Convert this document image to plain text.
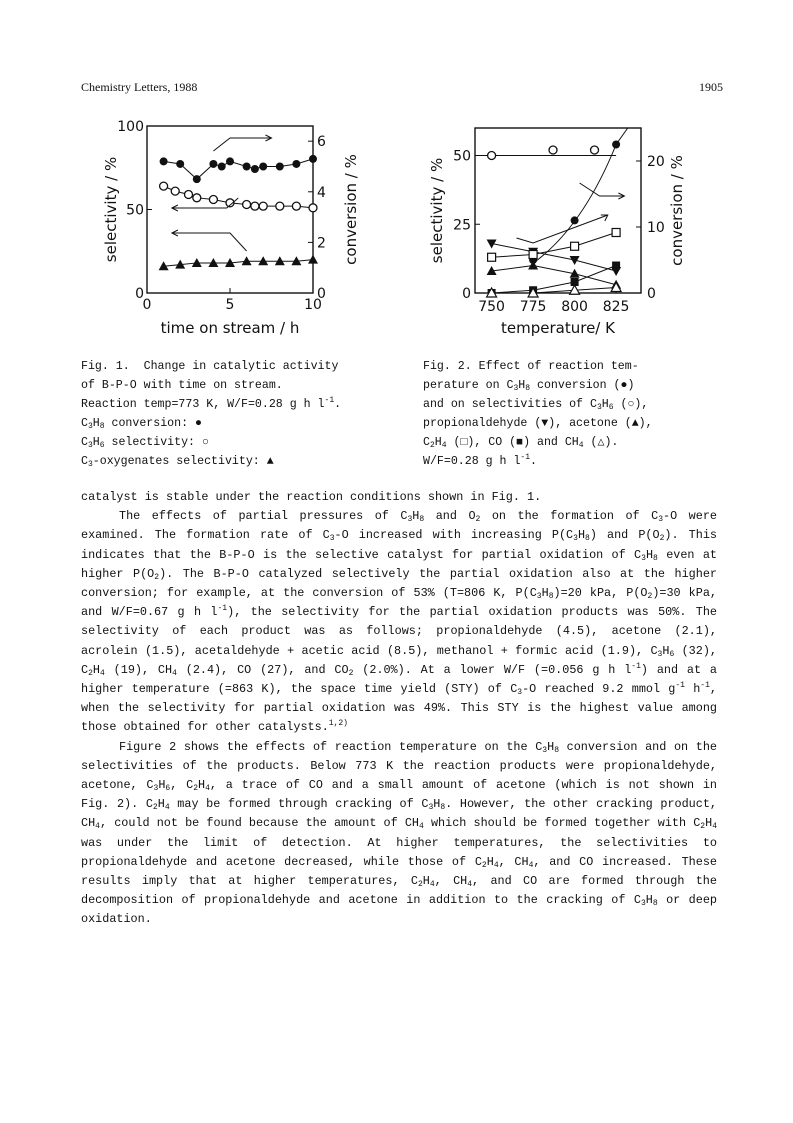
Chemistry Letters, 1988	1905
0
50
100
0
2
4
6
0	5	10
time on stream / h
selectivity / %	conversion / %
0
25
50
0
10
20
750 775 800 825
temperature/ K
selectivity / %	conversion / %
Fig. 1.  Change in catalytic activity
of B-P-O with time on stream.
Reaction temp=773 K, W/F=0.28 g h $l^{-1}$.
$C_3H_8$ conversion: ●
$C_3H_6$ selectivity: ○
$C_3$-oxygenates selectivity: ▲
Fig. 2. Effect of reaction tem-
perature on $C_3H_8$ conversion (●)
and on selectivities of $C_3H_6$ (○),
propionaldehyde (▼), acetone (▲),
$C_2H_4$ (□), CO (■) and $CH_4$ (△).
W/F=0.28 g h $l^{-1}$.

catalyst is stable under the reaction conditions shown in Fig. 1.

The effects of partial pressures of $C_3H_8$ and $O_2$ on the formation of $C_3-O$ were examined. The formation rate of $C_3-O$ increased with increasing $P(C_3H_8)$ and $P(O_2)$. This indicates that the B-P-O is the selective catalyst for partial oxidation of $C_3H_8$ even at higher $P(O_2)$. The B-P-O catalyzed selectively the partial oxidation also at the higher conversion; for example, at the conversion of 53% (T=806 K, $P(C_3H_8)=20$ kPa, $P(O_2)=30$ kPa, and W/F=0.67 g h $l^{-1}$), the selectivity for the partial oxidation products was 50%. The selectivity of each product was as follows; propionaldehyde (4.5), acetone (2.1), acrolein (1.5), acetaldehyde + acetic acid (8.5), methanol + formic acid (1.9), $C_3H_6$ (32), $C_2H_4$ (19), $CH_4$ (2.4), CO (27), and $CO_2$ (2.0%). At a lower W/F (=0.056 g h $l^{-1}$) and at a higher temperature (=863 K), the space time yield (STY) of $C_3-O$ reached 9.2 mmol $g^{-1}$ $h^{-1}$, when the selectivity for partial oxidation was 49%. This STY is the highest value among those obtained for other catalysts.$^{1,2)}$

Figure 2 shows the effects of reaction temperature on the $C_3H_8$ conversion and on the selectivities of the products. Below 773 K the reaction products were propionaldehyde, acetone, $C_3H_6$, $C_2H_4$, a trace of CO and a small amount of acetone (which is not shown in Fig. 2). $C_2H_4$ may be formed through cracking of $C_3H_8$. However, the other cracking product, $CH_4$, could not be found because the amount of $CH_4$ which should be formed together with $C_2H_4$ was under the limit of detection. At higher temperatures, the selectivities to propionaldehyde and acetone decreased, while those of $C_2H_4$, $CH_4$, and CO increased. These results imply that at higher temperatures, $C_2H_4$, $CH_4$, and CO are formed through the decomposition of propionaldehyde and acetone in addition to the cracking of $C_3H_8$ or deep oxidation.
